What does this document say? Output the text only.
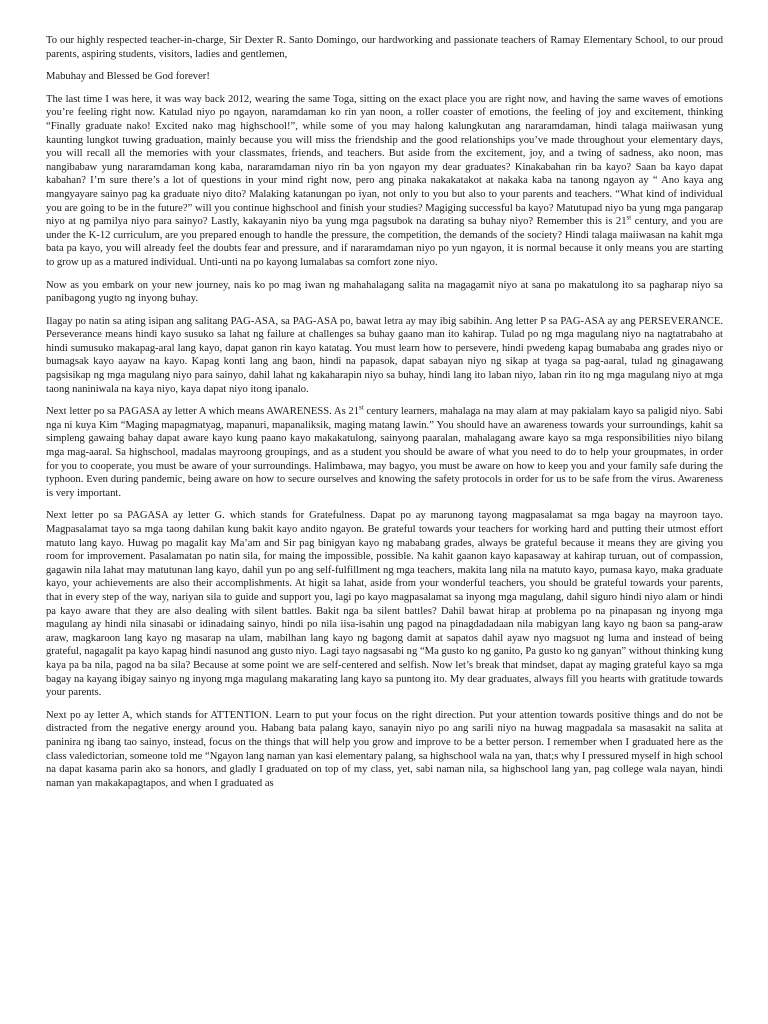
To our highly respected teacher-in-charge, Sir Dexter R. Santo Domingo, our hardworking and passionate teachers of Ramay Elementary School, to our proud parents, aspiring students, visitors, ladies and gentlemen,

Mabuhay and Blessed be God forever!

The last time I was here, it was way back 2012, wearing the same Toga, sitting on the exact place you are right now, and having the same waves of emotions you’re feeling right now. Katulad niyo po ngayon, naramdaman ko rin yan noon, a roller coaster of emotions, the feeling of joy and excitement, thinking “Finally graduate nako! Excited nako mag highschool!”, while some of you may halong kalungkutan ang nararamdaman, hindi talaga maiiwasan yung kaunting lungkot tuwing graduation, mainly because you will miss the friendship and the good relationships you’ve made throughout your elementary days, you will recall all the memories with your classmates, friends, and teachers. But aside from the excitement, joy, and a twing of sadness, ako noon, mas nangibabaw yung nararamdaman kong kaba, nararamdaman niyo rin ba yon ngayon my dear graduates? Kinakabahan rin ba kayo? Saan ba kayo dapat kabahan? I’m sure there’s a lot of questions in your mind right now, pero ang pinaka nakakatakot at nakaka kaba na tanong ngayon ay “ Ano kaya ang mangyayare sainyo pag ka graduate niyo dito? Malaking katanungan po iyan, not only to you but also to your parents and teachers. “What kind of individual you are going to be in the future?” will you continue highschool and finish your studies? Magiging successful ba kayo? Matutupad niyo ba yung mga pangarap niyo at ng pamilya niyo para sainyo? Lastly, kakayanin niyo ba yung mga pagsubok na darating sa buhay niyo? Remember this is 21st century, and you are under the K-12 curriculum, are you prepared enough to handle the pressure, the competition, the demands of the society? Hindi talaga maiiwasan na kahit mga bata pa kayo, you will already feel the doubts fear and pressure, and if nararamdaman niyo po yun ngayon, it is normal because it only means you are starting to grow up as a matured individual. Unti-unti na po kayong lumalabas sa comfort zone niyo.

Now as you embark on your new journey, nais ko po mag iwan ng mahahalagang salita na magagamit niyo at sana po makatulong ito sa pagharap niyo sa panibagong yugto ng inyong buhay.

Ilagay po natin sa ating isipan ang salitang PAG-ASA, sa PAG-ASA po, bawat letra ay may ibig sabihin. Ang letter P sa PAG-ASA ay ang PERSEVERANCE. Perseverance means hindi kayo susuko sa lahat ng failure at challenges sa buhay gaano man ito kahirap. Tulad po ng mga magulang niyo na nagtatrabaho at hindi sumusuko makapag-aral lang kayo, dapat ganon rin kayo katatag. You must learn how to persevere, hindi pwedeng kapag bumababa ang grades niyo or bumagsak kayo aayaw na kayo. Kapag konti lang ang baon, hindi na papasok, dapat sabayan niyo ng sikap at tyaga sa pag-aaral, tulad ng ginagawang pagsisikap ng mga magulang niyo para sainyo, dahil lahat ng kakaharapin niyo sa buhay, hindi lang ito laban niyo, laban rin ito ng mga magulang niyo at mga taong naniniwala na kaya niyo, kaya dapat niyo itong ipanalo.

Next letter po sa PAGASA ay letter A which means AWARENESS. As 21st century learners, mahalaga na may alam at may pakialam kayo sa paligid niyo. Sabi nga ni kuya Kim “Maging mapagmatyag, mapanuri, mapanaliksik, maging matang lawin.” You should have an awareness towards your surroundings, kahit sa simpleng gawaing bahay dapat aware kayo kung paano kayo makakatulong, sainyong paaralan, mahalagang aware kayo sa mga responsibilities niyo bilang mga mag-aaral. Sa highschool, madalas mayroong groupings, and as a student you should be aware of what you need to do to help your groupmates, in order for you to cooperate, you must be aware of your surroundings. Halimbawa, may bagyo, you must be aware on how to keep you and your family safe during the typhoon. Even during pandemic, being aware on how to secure ourselves and knowing the safety protocols in order for us to be safe from the virus. Awareness is very important.

Next letter po sa PAGASA ay letter G. which stands for Gratefulness. Dapat po ay marunong tayong magpasalamat sa mga bagay na mayroon tayo. Magpasalamat tayo sa mga taong dahilan kung bakit kayo andito ngayon. Be grateful towards your teachers for working hard and putting their utmost effort matuto lang kayo. Huwag po magalit kay Ma’am and Sir pag binigyan kayo ng mababang grades, always be grateful because it means they are giving you room for improvement. Pasalamatan po natin sila, for maing the impossible, possible. Na kahit gaanon kayo kapasaway at kahirap turuan, out of compassion, gagawin nila lahat may matutunan lang kayo, dahil yun po ang self-fulfillment ng mga teachers, makita lang nila na matuto kayo, pumasa kayo, maka graduate kayo, your achievements are also their accomplishments. At higit sa lahat, aside from your wonderful teachers, you should be grateful towards your parents, that in every step of the way, nariyan sila to guide and support you, lagi po kayo magpasalamat sa inyong mga magulang, dahil siguro hindi niyo alam or hindi pa kayo aware that they are also dealing with silent battles. Bakit nga ba silent battles? Dahil bawat hirap at problema po na pinapasan ng inyong mga magulang ay hindi nila sinasabi or idinadaing sainyo, hindi po nila iisa-isahin ung pagod na pinagdadadaan nila mabigyan lang kayo ng baon sa pang-araw araw, magkaroon lang kayo ng masarap na ulam, mabilhan lang kayo ng bagong damit at sapatos dahil ayaw nyo magsuot ng luma and instead of being grateful, nagagalit pa kayo kapag hindi nasunod ang gusto niyo. Lagi tayo nagsasabi ng “Ma gusto ko ng ganito, Pa gusto ko ng ganyan” without thinking kung kaya pa ba nila, pagod na ba sila? Because at some point we are self-centered and selfish. Now let’s break that mindset, dapat ay maging grateful kayo sa mga bagay na kayang ibigay sainyo ng inyong mga magulang makarating lang kayo sa puntong ito. My dear graduates, always fill you hearts with gratitude towards your parents.

Next po ay letter A, which stands for ATTENTION. Learn to put your focus on the right direction. Put your attention towards positive things and do not be distracted from the negative energy around you. Habang bata palang kayo, sanayin niyo po ang sarili niyo na huwag magpadala sa masasakit na salita at paninira ng ibang tao sainyo, instead, focus on the things that will help you grow and improve to be a better person. I remember when I graduated here as the class valedictorian, someone told me “Ngayon lang naman yan kasi elementary palang, sa highschool wala na yan, that;s why I pressured myself in high school na dapat kasama parin ako sa honors, and gladly I graduated on top of my class, yet, sabi naman nila, sa highschool lang yan, pag college wala nayan, hindi naman yan makakapagtapos, and when I graduated as
